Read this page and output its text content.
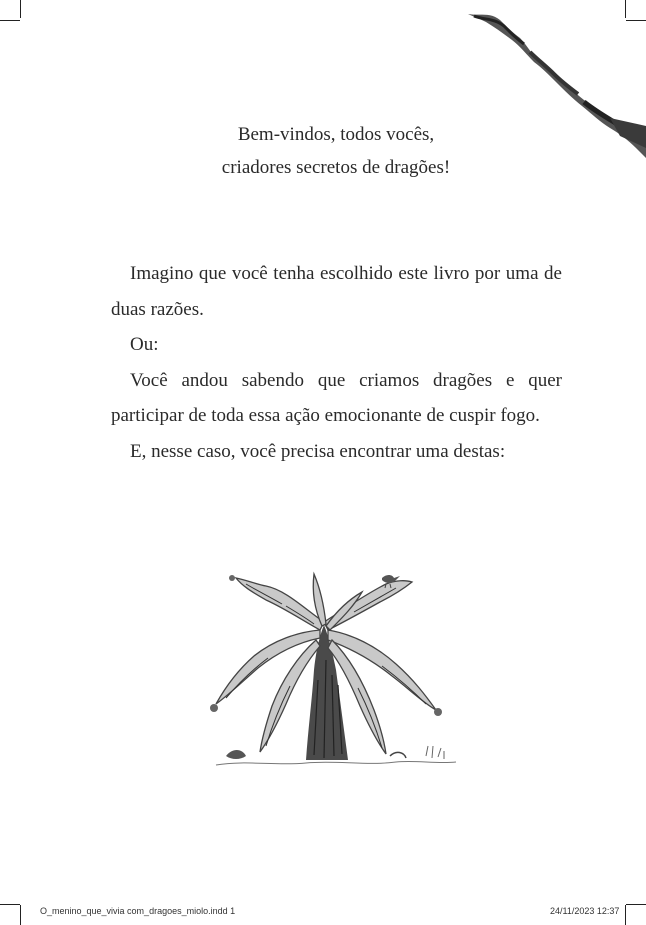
Bem-vindos, todos vocês,
criadores secretos de dragões!

Imagino que você tenha escolhido este livro por uma de duas razões.

Ou:

Você andou sabendo que criamos dragões e quer participar de toda essa ação emocionante de cuspir fogo.

E, nesse caso, você precisa encontrar uma destas:

O_menino_que_vivia com_dragoes_miolo.indd 1	24/11/2023 12:37
